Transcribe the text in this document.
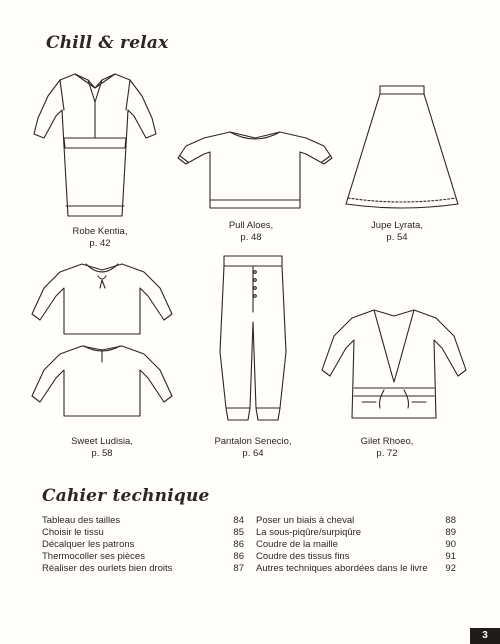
Chill & relax
Robe Kentia,
p. 42
Pull Aloes,
p. 48
Jupe Lyrata,
p. 54
Sweet Ludisia,
p. 58
Pantalon Senecio,
p. 64
Gilet Rhoeo,
p. 72
Cahier technique
Tableau des tailles	84
Choisir le tissu	85
Décalquer les patrons	86
Thermocoller ses pièces	86
Réaliser des ourlets bien droits	87
Poser un biais à cheval	88
La sous-piqûre/surpiqûre	89
Coudre de la maille	90
Coudre des tissus fins	91
Autres techniques abordées dans le livre 92
3
